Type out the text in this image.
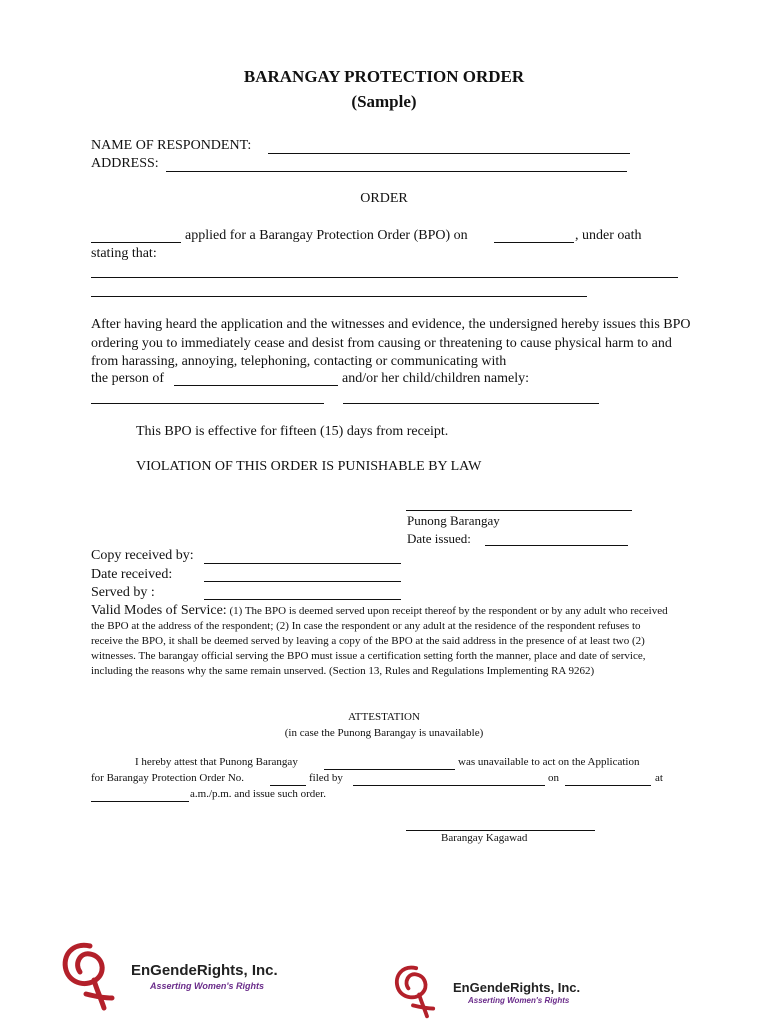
BARANGAY PROTECTION ORDER
(Sample)
NAME OF RESPONDENT:
ADDRESS:
ORDER
applied for a Barangay Protection Order (BPO) on	, under oath
stating that:
After having heard the application and the witnesses and evidence, the undersigned hereby issues this BPO ordering you to immediately cease and desist from causing or threatening to cause physical harm to and from harassing, annoying, telephoning, contacting or communicating with
the person of	and/or her child/children namely:
This BPO is effective for fifteen (15) days from receipt.
VIOLATION OF THIS ORDER IS PUNISHABLE BY LAW
Punong Barangay
Date issued:
Copy received by:
Date received:
Served by :
Valid Modes of Service: (1) The BPO is deemed served upon receipt thereof by the respondent or by any adult who received the BPO at the address of the respondent; (2) In case the respondent or any adult at the residence of the respondent refuses to receive the BPO, it shall be deemed served by leaving a copy of the BPO at the said address in the presence of at least two (2) witnesses. The barangay official serving the BPO must issue a certification setting forth the manner, place and date of service, including the reasons why the same remain unserved. (Section 13, Rules and Regulations Implementing RA 9262)
ATTESTATION
(in case the Punong Barangay is unavailable)
I hereby attest that Punong Barangay	was unavailable to act on the Application
for Barangay Protection Order No.	filed by	on	at
a.m./p.m. and issue such order.
Barangay Kagawad
EnGendeRights, Inc.
Asserting Women's Rights	EnGendeRights, Inc.
Asserting Women's Rights
